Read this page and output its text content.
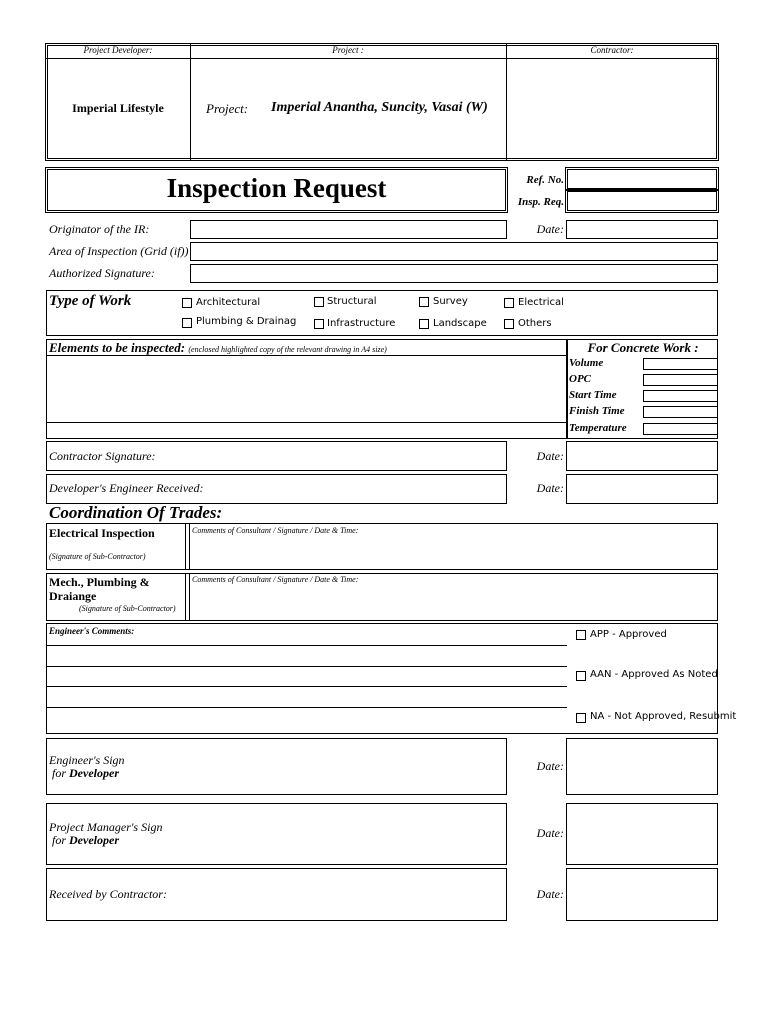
Project Developer:	Project :	Contractor:
Imperial Lifestyle	Project: Imperial Anantha, Suncity, Vasai (W)
Inspection Request	Ref. No.
Insp. Req.
Originator of the IR:	Date:
Area of Inspection (Grid (if))
Authorized Signature:
Type of Work	Architectural	Structural	Survey	Electrical
Plumbing & Drainag	Infrastructure	Landscape	Others
Elements to be inspected: (enclosed highlighted copy of the relevant drawing in A4 size)	For Concrete Work :
Volume
OPC
Start Time
Finish Time
Temperature
Contractor Signature:	Date:
Developer's Engineer Received:	Date:
Coordination Of Trades:
Electrical Inspection
(Signature of Sub-Contractor)
Comments of Consultant / Signature / Date & Time:
Mech., Plumbing & Draiange
(Signature of Sub-Contractor)
Comments of Consultant / Signature / Date & Time:
Engineer's Comments:	APP - Approved
AAN - Approved As Noted
NA - Not Approved, Resubmit
Engineer's Sign
for Developer	Date:
Project Manager's Sign
for Developer	Date:
Received by Contractor:	Date:
